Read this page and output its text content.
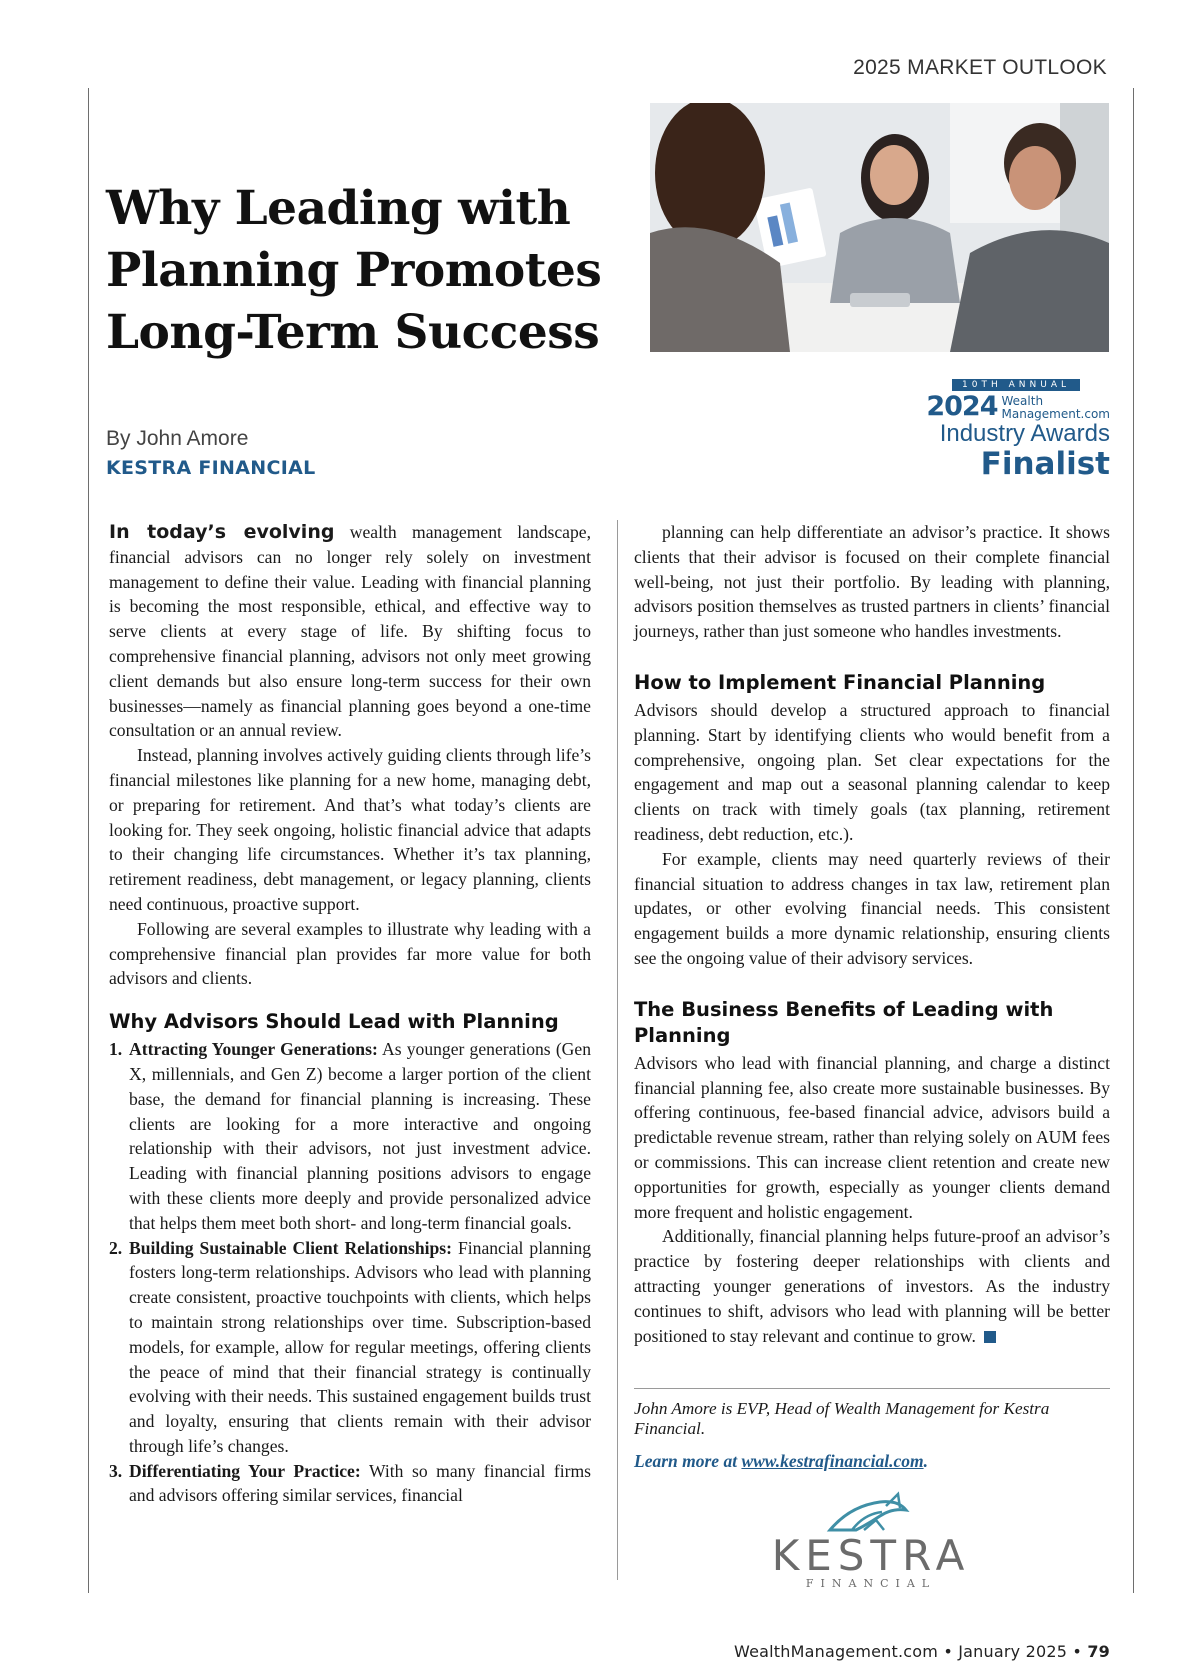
2025 MARKET OUTLOOK
Why Leading with
Planning Promotes
Long-Term Success
By John Amore
KESTRA FINANCIAL
10TH ANNUAL
2024 Wealth
Management.com
Industry Awards
Finalist

In today’s evolving wealth management landscape, financial advisors can no longer rely solely on investment management to define their value. Leading with financial planning is becoming the most responsible, ethical, and effective way to serve clients at every stage of life. By shifting focus to comprehensive financial planning, advisors not only meet growing client demands but also ensure long-term success for their own businesses—namely as financial planning goes beyond a one-time consultation or an annual review.

Instead, planning involves actively guiding clients through life’s financial milestones like planning for a new home, managing debt, or preparing for retirement. And that’s what today’s clients are looking for. They seek ongoing, holistic financial advice that adapts to their changing life circumstances. Whether it’s tax planning, retirement readiness, debt management, or legacy planning, clients need continuous, proactive support.

Following are several examples to illustrate why leading with a comprehensive financial plan provides far more value for both advisors and clients.

Why Advisors Should Lead with Planning
1. Attracting Younger Generations: As younger generations (Gen X, millennials, and Gen Z) become a larger portion of the client base, the demand for financial planning is increasing. These clients are looking for a more interactive and ongoing relationship with their advisors, not just investment advice. Leading with financial planning positions advisors to engage with these clients more deeply and provide personalized advice that helps them meet both short- and long-term financial goals.
2. Building Sustainable Client Relationships: Financial planning fosters long-term relationships. Advisors who lead with planning create consistent, proactive touchpoints with clients, which helps to maintain strong relationships over time. Subscription-based models, for example, allow for regular meetings, offering clients the peace of mind that their financial strategy is continually evolving with their needs. This sustained engagement builds trust and loyalty, ensuring that clients remain with their advisor through life’s changes.
3. Differentiating Your Practice: With so many financial firms and advisors offering similar services, financial

planning can help differentiate an advisor’s practice. It shows clients that their advisor is focused on their complete financial well-being, not just their portfolio. By leading with planning, advisors position themselves as trusted partners in clients’ financial journeys, rather than just someone who handles investments.

How to Implement Financial Planning

Advisors should develop a structured approach to financial planning. Start by identifying clients who would benefit from a comprehensive, ongoing plan. Set clear expectations for the engagement and map out a seasonal planning calendar to keep clients on track with timely goals (tax planning, retirement readiness, debt reduction, etc.).

For example, clients may need quarterly reviews of their financial situation to address changes in tax law, retirement plan updates, or other evolving financial needs. This consistent engagement builds a more dynamic relationship, ensuring clients see the ongoing value of their advisory services.

The Business Benefits of Leading with Planning

Advisors who lead with financial planning, and charge a distinct financial planning fee, also create more sustainable businesses. By offering continuous, fee-based financial advice, advisors build a predictable revenue stream, rather than relying solely on AUM fees or commissions. This can increase client retention and create new opportunities for growth, especially as younger clients demand more frequent and holistic engagement.

Additionally, financial planning helps future-proof an advisor’s practice by fostering deeper relationships with clients and attracting younger generations of investors. As the industry continues to shift, advisors who lead with planning will be better positioned to stay relevant and continue to grow.

John Amore is EVP, Head of Wealth Management for Kestra Financial.
Learn more at www.kestrafinancial.com.
KESTRA
FINANCIAL
WealthManagement.com • January 2025 • 79
